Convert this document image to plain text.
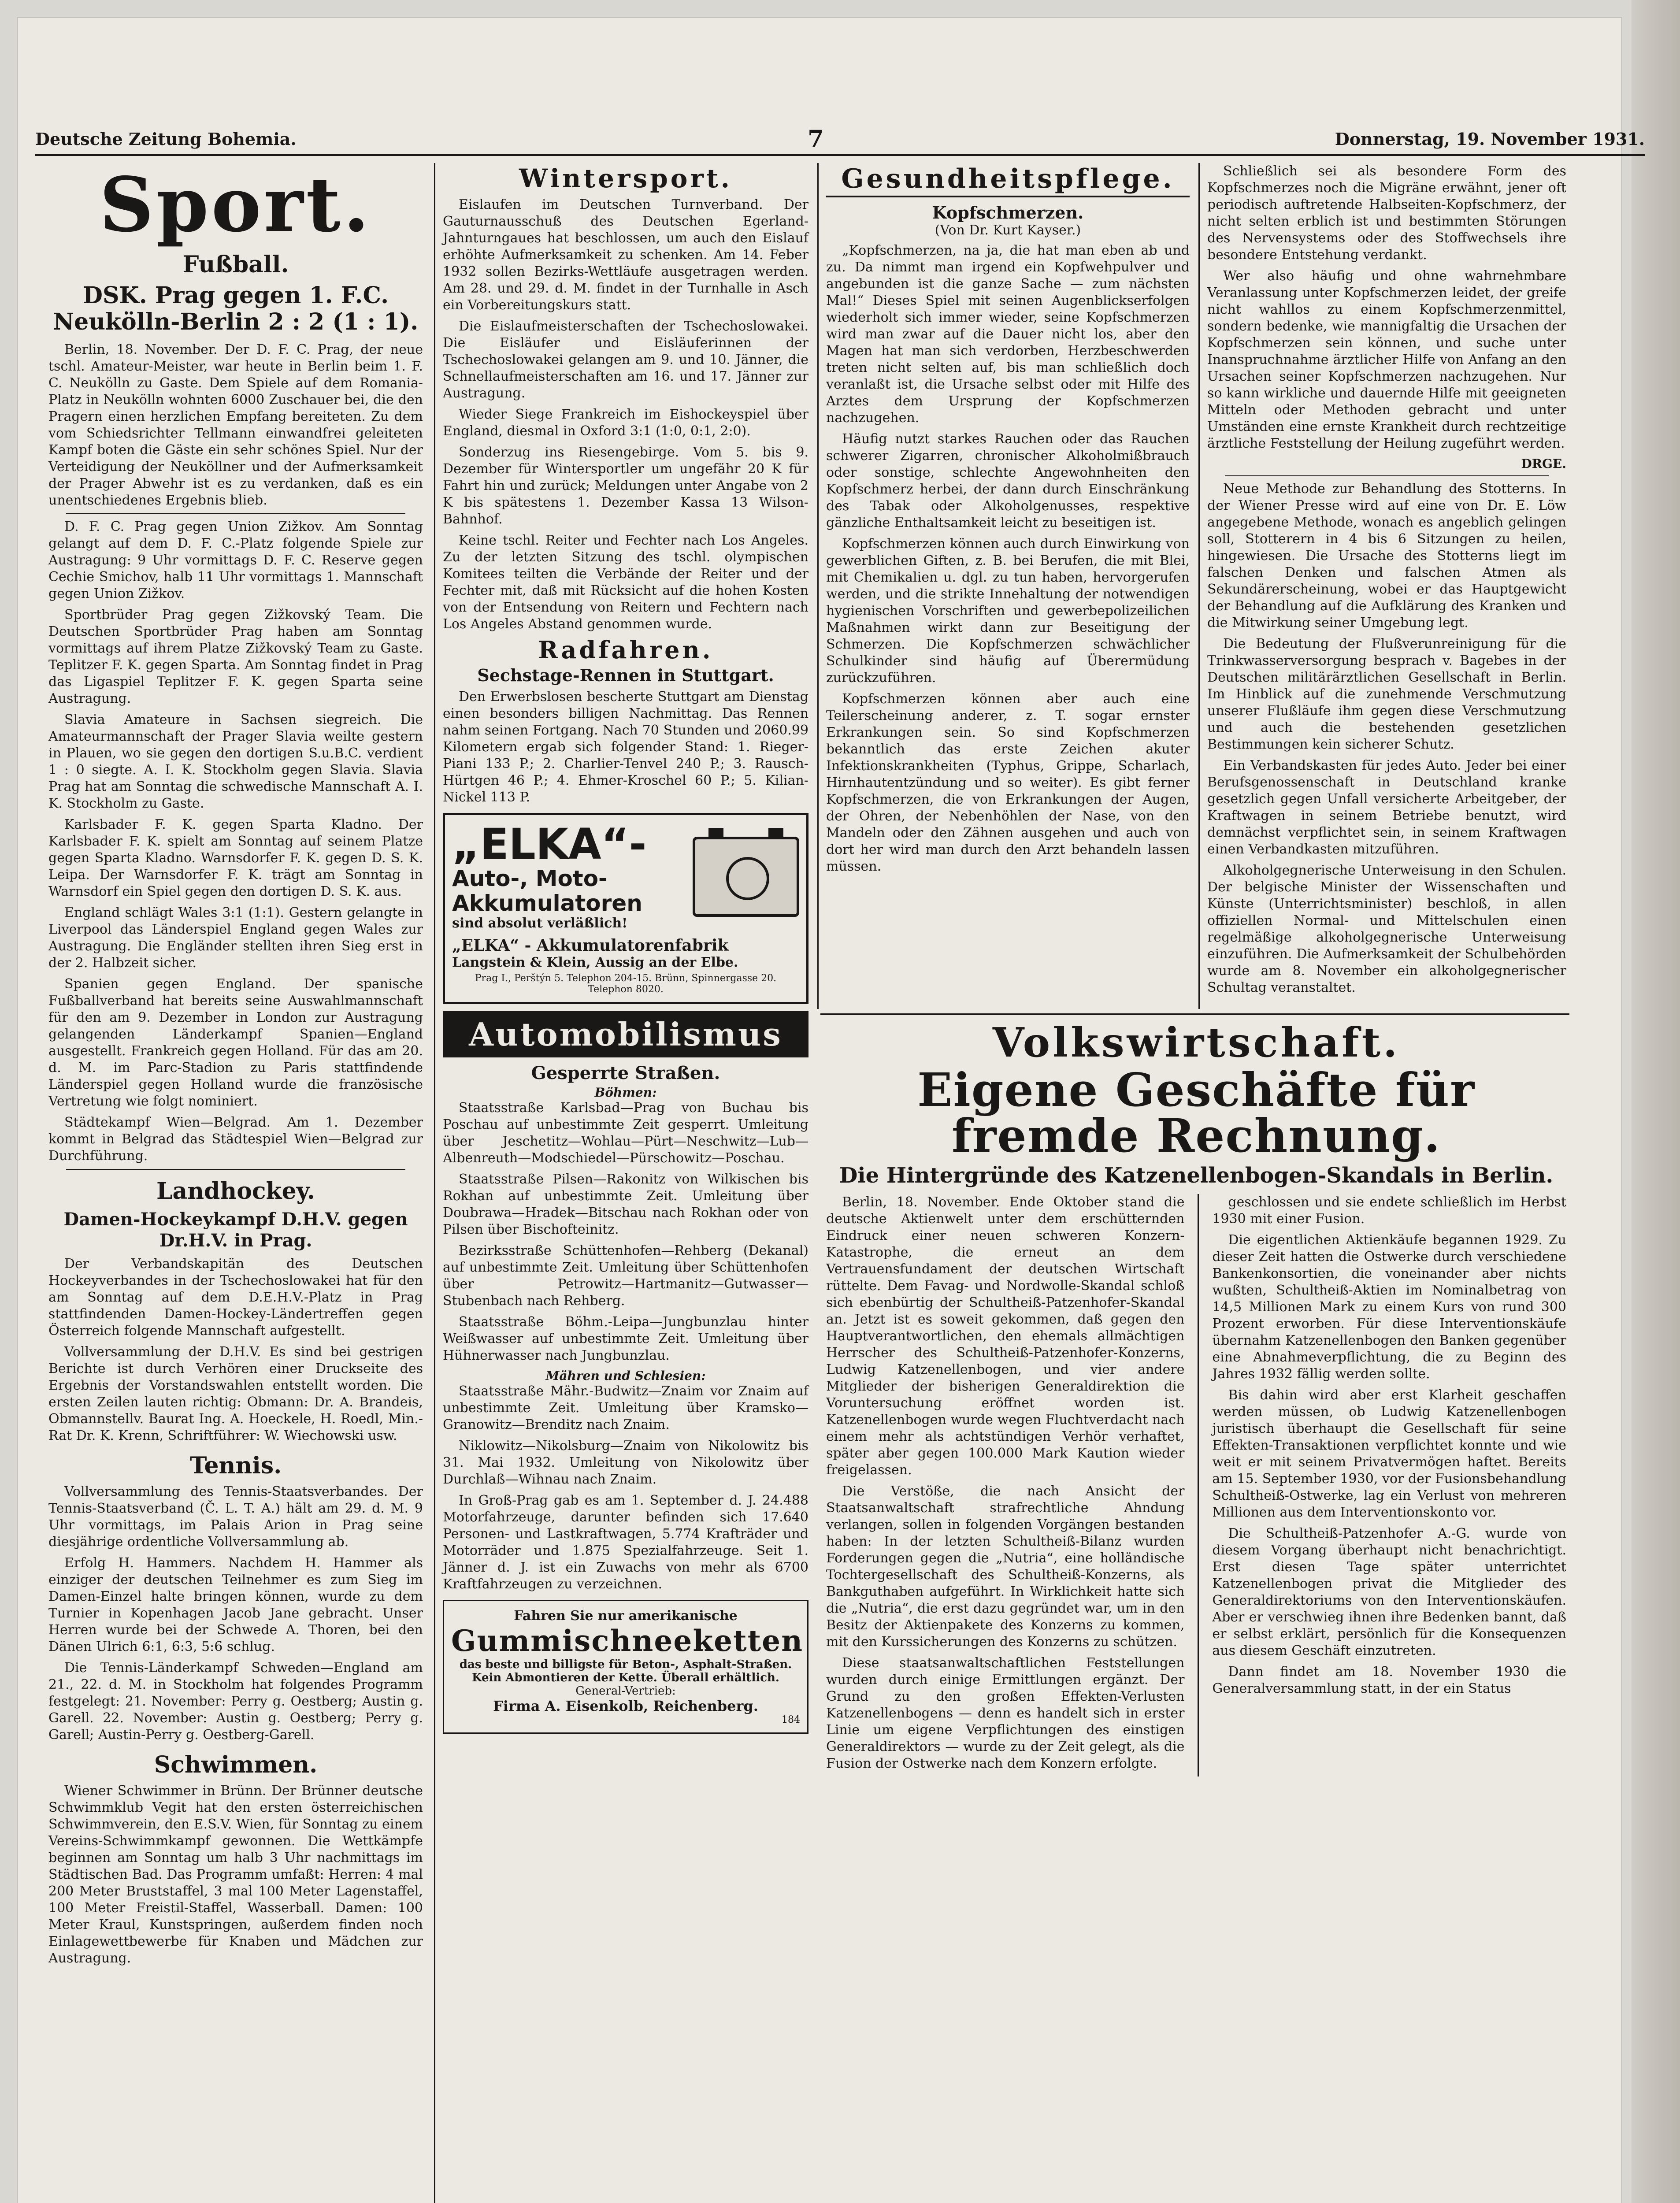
Deutsche Zeitung Bohemia.	7	Donnerstag, 19. November 1931.
Sport.
Fußball.
DSK. Prag gegen 1. F.C. Neukölln-Berlin 2 : 2 (1 : 1).

Berlin, 18. November. Der D. F. C. Prag, der neue tschl. Amateur-Meister, war heute in Berlin beim 1. F. C. Neukölln zu Gaste. Dem Spiele auf dem Romania-Platz in Neukölln wohnten 6000 Zuschauer bei, die den Pragern einen herzlichen Empfang bereiteten. Zu dem vom Schiedsrichter Tellmann einwandfrei geleiteten Kampf boten die Gäste ein sehr schönes Spiel. Nur der Verteidigung der Neuköllner und der Aufmerksamkeit der Prager Abwehr ist es zu verdanken, daß es ein unentschiedenes Ergebnis blieb.

D. F. C. Prag gegen Union Zižkov. Am Sonntag gelangt auf dem D. F. C.-Platz folgende Spiele zur Austragung: 9 Uhr vormittags D. F. C. Reserve gegen Cechie Smichov, halb 11 Uhr vormittags 1. Mannschaft gegen Union Zižkov.

Sportbrüder Prag gegen Zižkovský Team. Die Deutschen Sportbrüder Prag haben am Sonntag vormittags auf ihrem Platze Zižkovský Team zu Gaste. Teplitzer F. K. gegen Sparta. Am Sonntag findet in Prag das Ligaspiel Teplitzer F. K. gegen Sparta seine Austragung.

Slavia Amateure in Sachsen siegreich. Die Amateurmannschaft der Prager Slavia weilte gestern in Plauen, wo sie gegen den dortigen S.u.B.C. verdient 1 : 0 siegte. A. I. K. Stockholm gegen Slavia. Slavia Prag hat am Sonntag die schwedische Mannschaft A. I. K. Stockholm zu Gaste.

Karlsbader F. K. gegen Sparta Kladno. Der Karlsbader F. K. spielt am Sonntag auf seinem Platze gegen Sparta Kladno. Warnsdorfer F. K. gegen D. S. K. Leipa. Der Warnsdorfer F. K. trägt am Sonntag in Warnsdorf ein Spiel gegen den dortigen D. S. K. aus.

England schlägt Wales 3:1 (1:1). Gestern gelangte in Liverpool das Länderspiel England gegen Wales zur Austragung. Die Engländer stellten ihren Sieg erst in der 2. Halbzeit sicher.

Spanien gegen England. Der spanische Fußballverband hat bereits seine Auswahlmannschaft für den am 9. Dezember in London zur Austragung gelangenden Länderkampf Spanien—England ausgestellt. Frankreich gegen Holland. Für das am 20. d. M. im Parc-Stadion zu Paris stattfindende Länderspiel gegen Holland wurde die französische Vertretung wie folgt nominiert.

Städtekampf Wien—Belgrad. Am 1. Dezember kommt in Belgrad das Städtespiel Wien—Belgrad zur Durchführung.

Landhockey.
Damen-Hockeykampf D.H.V. gegen Dr.H.V. in Prag.

Der Verbandskapitän des Deutschen Hockeyverbandes in der Tschechoslowakei hat für den am Sonntag auf dem D.E.H.V.-Platz in Prag stattfindenden Damen-Hockey-Ländertreffen gegen Österreich folgende Mannschaft aufgestellt.

Vollversammlung der D.H.V. Es sind bei gestrigen Berichte ist durch Verhören einer Druckseite des Ergebnis der Vorstandswahlen entstellt worden. Die ersten Zeilen lauten richtig: Obmann: Dr. A. Brandeis, Obmannstellv. Baurat Ing. A. Hoeckele, H. Roedl, Min.-Rat Dr. K. Krenn, Schriftführer: W. Wiechowski usw.

Tennis.

Vollversammlung des Tennis-Staatsverbandes. Der Tennis-Staatsverband (Č. L. T. A.) hält am 29. d. M. 9 Uhr vormittags, im Palais Arion in Prag seine diesjährige ordentliche Vollversammlung ab.

Erfolg H. Hammers. Nachdem H. Hammer als einziger der deutschen Teilnehmer es zum Sieg im Damen-Einzel halte bringen können, wurde zu dem Turnier in Kopenhagen Jacob Jane gebracht. Unser Herren wurde bei der Schwede A. Thoren, bei den Dänen Ulrich 6:1, 6:3, 5:6 schlug.

Die Tennis-Länderkampf Schweden—England am 21., 22. d. M. in Stockholm hat folgendes Programm festgelegt: 21. November: Perry g. Oestberg; Austin g. Garell. 22. November: Austin g. Oestberg; Perry g. Garell; Austin-Perry g. Oestberg-Garell.

Schwimmen.

Wiener Schwimmer in Brünn. Der Brünner deutsche Schwimmklub Vegit hat den ersten österreichischen Schwimmverein, den E.S.V. Wien, für Sonntag zu einem Vereins-Schwimmkampf gewonnen. Die Wettkämpfe beginnen am Sonntag um halb 3 Uhr nachmittags im Städtischen Bad. Das Programm umfaßt: Herren: 4 mal 200 Meter Bruststaffel, 3 mal 100 Meter Lagenstaffel, 100 Meter Freistil-Staffel, Wasserball. Damen: 100 Meter Kraul, Kunstspringen, außerdem finden noch Einlagewettbewerbe für Knaben und Mädchen zur Austragung.

Wintersport.

Eislaufen im Deutschen Turnverband. Der Gauturnausschuß des Deutschen Egerland-Jahnturngaues hat beschlossen, um auch den Eislauf erhöhte Aufmerksamkeit zu schenken. Am 14. Feber 1932 sollen Bezirks-Wettläufe ausgetragen werden. Am 28. und 29. d. M. findet in der Turnhalle in Asch ein Vorbereitungskurs statt.

Die Eislaufmeisterschaften der Tschechoslowakei. Die Eisläufer und Eisläuferinnen der Tschechoslowakei gelangen am 9. und 10. Jänner, die Schnellaufmeisterschaften am 16. und 17. Jänner zur Austragung.

Wieder Siege Frankreich im Eishockeyspiel über England, diesmal in Oxford 3:1 (1:0, 0:1, 2:0).

Sonderzug ins Riesengebirge. Vom 5. bis 9. Dezember für Wintersportler um ungefähr 20 K für Fahrt hin und zurück; Meldungen unter Angabe von 2 K bis spätestens 1. Dezember Kassa 13 Wilson-Bahnhof.

Keine tschl. Reiter und Fechter nach Los Angeles. Zu der letzten Sitzung des tschl. olympischen Komitees teilten die Verbände der Reiter und der Fechter mit, daß mit Rücksicht auf die hohen Kosten von der Entsendung von Reitern und Fechtern nach Los Angeles Abstand genommen wurde.

Radfahren.
Sechstage-Rennen in Stuttgart.

Den Erwerbslosen bescherte Stuttgart am Dienstag einen besonders billigen Nachmittag. Das Rennen nahm seinen Fortgang. Nach 70 Stunden und 2060.99 Kilometern ergab sich folgender Stand: 1. Rieger-Piani 133 P.; 2. Charlier-Tenvel 240 P.; 3. Rausch-Hürtgen 46 P.; 4. Ehmer-Kroschel 60 P.; 5. Kilian-Nickel 113 P.

„ELKA“-
Auto-, Moto-
Akkumulatoren
sind absolut verläßlich!
„ELKA“ - Akkumulatorenfabrik
Langstein & Klein, Aussig an der Elbe.
Prag I., Perštýn 5. Telephon 204-15. Brünn, Spinnergasse 20. Telephon 8020.
Automobilismus
Gesperrte Straßen.
Böhmen:

Staatsstraße Karlsbad—Prag von Buchau bis Poschau auf unbestimmte Zeit gesperrt. Umleitung über Jeschetitz—Wohlau—Pürt—Neschwitz—Lub—Albenreuth—Modschiedel—Pürschowitz—Poschau.

Staatsstraße Pilsen—Rakonitz von Wilkischen bis Rokhan auf unbestimmte Zeit. Umleitung über Doubrawa—Hradek—Bitschau nach Rokhan oder von Pilsen über Bischofteinitz.

Bezirksstraße Schüttenhofen—Rehberg (Dekanal) auf unbestimmte Zeit. Umleitung über Schüttenhofen über Petrowitz—Hartmanitz—Gutwasser—Stubenbach nach Rehberg.

Staatsstraße Böhm.-Leipa—Jungbunzlau hinter Weißwasser auf unbestimmte Zeit. Umleitung über Hühnerwasser nach Jungbunzlau.

Mähren und Schlesien:

Staatsstraße Mähr.-Budwitz—Znaim vor Znaim auf unbestimmte Zeit. Umleitung über Kramsko—Granowitz—Brenditz nach Znaim.

Niklowitz—Nikolsburg—Znaim von Nikolowitz bis 31. Mai 1932. Umleitung von Nikolowitz über Durchlaß—Wihnau nach Znaim.

In Groß-Prag gab es am 1. September d. J. 24.488 Motorfahrzeuge, darunter befinden sich 17.640 Personen- und Lastkraftwagen, 5.774 Krafträder und Motorräder und 1.875 Spezialfahrzeuge. Seit 1. Jänner d. J. ist ein Zuwachs von mehr als 6700 Kraftfahrzeugen zu verzeichnen.

Fahren Sie nur amerikanische
Gummischneeketten
das beste und billigste für Beton-, Asphalt-Straßen. Kein Abmontieren der Kette. Überall erhältlich.
General-Vertrieb:
Firma A. Eisenkolb, Reichenberg.
184
Gesundheitspflege.
Kopfschmerzen.
(Von Dr. Kurt Kayser.)

„Kopfschmerzen, na ja, die hat man eben ab und zu. Da nimmt man irgend ein Kopfwehpulver und angebunden ist die ganze Sache — zum nächsten Mal!“ Dieses Spiel mit seinen Augenblickserfolgen wiederholt sich immer wieder, seine Kopfschmerzen wird man zwar auf die Dauer nicht los, aber den Magen hat man sich verdorben, Herzbeschwerden treten nicht selten auf, bis man schließlich doch veranlaßt ist, die Ursache selbst oder mit Hilfe des Arztes dem Ursprung der Kopfschmerzen nachzugehen.

Häufig nutzt starkes Rauchen oder das Rauchen schwerer Zigarren, chronischer Alkoholmißbrauch oder sonstige, schlechte Angewohnheiten den Kopfschmerz herbei, der dann durch Einschränkung des Tabak oder Alkoholgenusses, respektive gänzliche Enthaltsamkeit leicht zu beseitigen ist.

Kopfschmerzen können auch durch Einwirkung von gewerblichen Giften, z. B. bei Berufen, die mit Blei, mit Chemikalien u. dgl. zu tun haben, hervorgerufen werden, und die strikte Innehaltung der notwendigen hygienischen Vorschriften und gewerbepolizeilichen Maßnahmen wirkt dann zur Beseitigung der Schmerzen. Die Kopfschmerzen schwächlicher Schulkinder sind häufig auf Überermüdung zurückzuführen.

Kopfschmerzen können aber auch eine Teilerscheinung anderer, z. T. sogar ernster Erkrankungen sein. So sind Kopfschmerzen bekanntlich das erste Zeichen akuter Infektionskrankheiten (Typhus, Grippe, Scharlach, Hirnhautentzündung und so weiter). Es gibt ferner Kopfschmerzen, die von Erkrankungen der Augen, der Ohren, der Nebenhöhlen der Nase, von den Mandeln oder den Zähnen ausgehen und auch von dort her wird man durch den Arzt behandeln lassen müssen.

Schließlich sei als besondere Form des Kopfschmerzes noch die Migräne erwähnt, jener oft periodisch auftretende Halbseiten-Kopfschmerz, der nicht selten erblich ist und bestimmten Störungen des Nervensystems oder des Stoffwechsels ihre besondere Entstehung verdankt.

Wer also häufig und ohne wahrnehmbare Veranlassung unter Kopfschmerzen leidet, der greife nicht wahllos zu einem Kopfschmerzenmittel, sondern bedenke, wie mannigfaltig die Ursachen der Kopfschmerzen sein können, und suche unter Inanspruchnahme ärztlicher Hilfe von Anfang an den Ursachen seiner Kopfschmerzen nachzugehen. Nur so kann wirkliche und dauernde Hilfe mit geeigneten Mitteln oder Methoden gebracht und unter Umständen eine ernste Krankheit durch rechtzeitige ärztliche Feststellung der Heilung zugeführt werden.

DRGE.

Neue Methode zur Behandlung des Stotterns. In der Wiener Presse wird auf eine von Dr. E. Löw angegebene Methode, wonach es angeblich gelingen soll, Stotterern in 4 bis 6 Sitzungen zu heilen, hingewiesen. Die Ursache des Stotterns liegt im falschen Denken und falschen Atmen als Sekundärerscheinung, wobei er das Hauptgewicht der Behandlung auf die Aufklärung des Kranken und die Mitwirkung seiner Umgebung legt.

Die Bedeutung der Flußverunreinigung für die Trinkwasserversorgung besprach v. Bagebes in der Deutschen militärärztlichen Gesellschaft in Berlin. Im Hinblick auf die zunehmende Verschmutzung unserer Flußläufe ihm gegen diese Verschmutzung und auch die bestehenden gesetzlichen Bestimmungen kein sicherer Schutz.

Ein Verbandskasten für jedes Auto. Jeder bei einer Berufsgenossenschaft in Deutschland kranke gesetzlich gegen Unfall versicherte Arbeitgeber, der Kraftwagen in seinem Betriebe benutzt, wird demnächst verpflichtet sein, in seinem Kraftwagen einen Verbandkasten mitzuführen.

Alkoholgegnerische Unterweisung in den Schulen. Der belgische Minister der Wissenschaften und Künste (Unterrichtsminister) beschloß, in allen offiziellen Normal- und Mittelschulen einen regelmäßige alkoholgegnerische Unterweisung einzuführen. Die Aufmerksamkeit der Schulbehörden wurde am 8. November ein alkoholgegnerischer Schultag veranstaltet.

Volkswirtschaft.
Eigene Geschäfte für fremde Rechnung.
Die Hintergründe des Katzenellenbogen-Skandals in Berlin.

Berlin, 18. November. Ende Oktober stand die deutsche Aktienwelt unter dem erschütternden Eindruck einer neuen schweren Konzern-Katastrophe, die erneut an dem Vertrauensfundament der deutschen Wirtschaft rüttelte. Dem Favag- und Nordwolle-Skandal schloß sich ebenbürtig der Schultheiß-Patzenhofer-Skandal an. Jetzt ist es soweit gekommen, daß gegen den Hauptverantwortlichen, den ehemals allmächtigen Herrscher des Schultheiß-Patzenhofer-Konzerns, Ludwig Katzenellenbogen, und vier andere Mitglieder der bisherigen Generaldirektion die Voruntersuchung eröffnet worden ist. Katzenellenbogen wurde wegen Fluchtverdacht nach einem mehr als achtstündigen Verhör verhaftet, später aber gegen 100.000 Mark Kaution wieder freigelassen.

Die Verstöße, die nach Ansicht der Staatsanwaltschaft strafrechtliche Ahndung verlangen, sollen in folgenden Vorgängen bestanden haben: In der letzten Schultheiß-Bilanz wurden Forderungen gegen die „Nutria“, eine holländische Tochtergesellschaft des Schultheiß-Konzerns, als Bankguthaben aufgeführt. In Wirklichkeit hatte sich die „Nutria“, die erst dazu gegründet war, um in den Besitz der Aktienpakete des Konzerns zu kommen, mit den Kurssicherungen des Konzerns zu schützen.

Diese staatsanwaltschaftlichen Feststellungen wurden durch einige Ermittlungen ergänzt. Der Grund zu den großen Effekten-Verlusten Katzenellenbogens — denn es handelt sich in erster Linie um eigene Verpflichtungen des einstigen Generaldirektors — wurde zu der Zeit gelegt, als die Fusion der Ostwerke nach dem Konzern erfolgte.

geschlossen und sie endete schließlich im Herbst 1930 mit einer Fusion.

Die eigentlichen Aktienkäufe begannen 1929. Zu dieser Zeit hatten die Ostwerke durch verschiedene Bankenkonsortien, die voneinander aber nichts wußten, Schultheiß-Aktien im Nominalbetrag von 14,5 Millionen Mark zu einem Kurs von rund 300 Prozent erworben. Für diese Interventionskäufe übernahm Katzenellenbogen den Banken gegenüber eine Abnahmeverpflichtung, die zu Beginn des Jahres 1932 fällig werden sollte.

Bis dahin wird aber erst Klarheit geschaffen werden müssen, ob Ludwig Katzenellenbogen juristisch überhaupt die Gesellschaft für seine Effekten-Transaktionen verpflichtet konnte und wie weit er mit seinem Privatvermögen haftet. Bereits am 15. September 1930, vor der Fusionsbehandlung Schultheiß-Ostwerke, lag ein Verlust von mehreren Millionen aus dem Interventionskonto vor.

Die Schultheiß-Patzenhofer A.-G. wurde von diesem Vorgang überhaupt nicht benachrichtigt. Erst diesen Tage später unterrichtet Katzenellenbogen privat die Mitglieder des Generaldirektoriums von den Interventionskäufen. Aber er verschwieg ihnen ihre Bedenken bannt, daß er selbst erklärt, persönlich für die Konsequenzen aus diesem Geschäft einzutreten.

Dann findet am 18. November 1930 die Generalversammlung statt, in der ein Status
